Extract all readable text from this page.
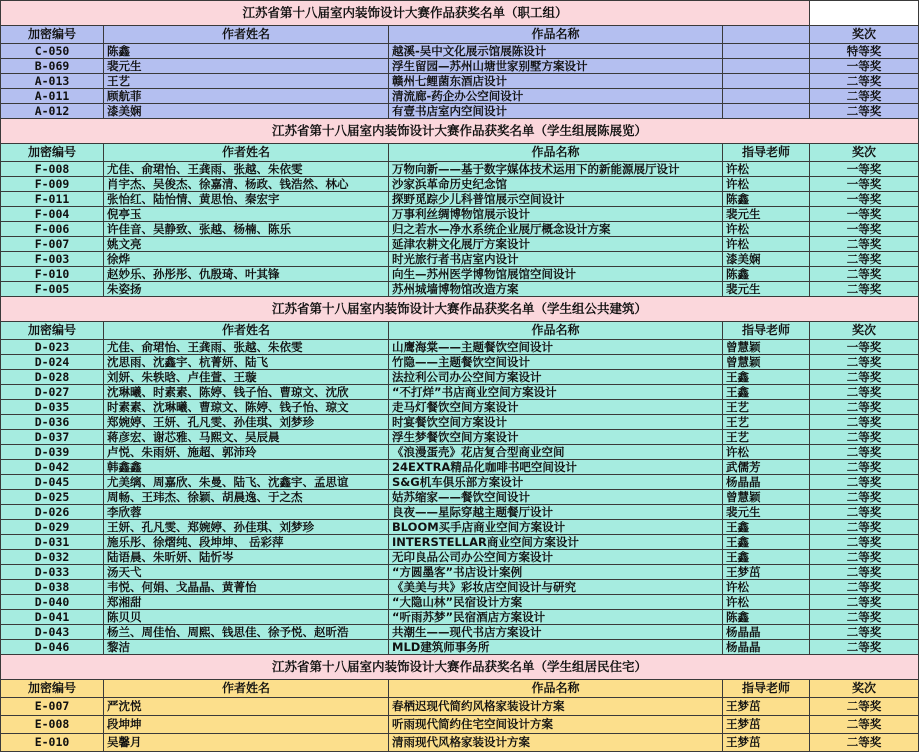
江苏省第十八届室内装饰设计大赛作品获奖名单（职工组）				
加密编号	作者姓名	作品名称		奖次
C-050	陈鑫	越溪-吴中文化展示馆展陈设计		特等奖
B-069	裴元生	浮生留园—苏州山塘世家别墅方案设计		一等奖
A-013	王艺	赣州七鲤菌东酒店设计		二等奖
A-011	顾航菲	清流廊-药企办公空间设计		二等奖
A-012	漆美娴	有壹书店室内空间设计		二等奖
江苏省第十八届室内装饰设计大赛作品获奖名单（学生组展陈展览）				
加密编号	作者姓名	作品名称	指导老师	奖次
F-008	尤佳、俞珺怡、王龚雨、张越、朱依雯	万物向新——基于数字媒体技术运用下的新能源展厅设计	许松	一等奖
F-009	肖宇杰、吴俊杰、徐嘉清、杨政、钱浩然、林心	沙家浜革命历史纪念馆	许松	一等奖
F-011	张怡红、陆怡情、黄思怡、秦宏宇	探野觅踪少儿科普馆展示空间设计	陈鑫	一等奖
F-004	倪亭玉	万事利丝绸博物馆展示设计	裴元生	一等奖
F-006	许佳音、吴静致、张越、杨楠、陈乐	归之若水—净水系统企业展厅概念设计方案	许松	一等奖
F-007	姚文亮	延津农耕文化展厅方案设计	许松	二等奖
F-003	徐烨	时光旅行者书店室内设计	漆美娴	二等奖
F-010	赵妙乐、孙彤彤、仇殷琦、叶其锋	向生—苏州医学博物馆展馆空间设计	陈鑫	二等奖
F-005	朱姿扬	苏州城墙博物馆改造方案	裴元生	二等奖
江苏省第十八届室内装饰设计大赛作品获奖名单（学生组公共建筑）				
加密编号	作者姓名	作品名称	指导老师	奖次
D-023	尤佳、俞珺怡、王龚雨、张越、朱依雯	山鹰海棠——主题餐饮空间设计	曾慧颖	一等奖
D-024	沈思雨、沈鑫宇、杭菁妍、陆飞	竹隐——主题餐饮空间设计	曾慧颖	二等奖
D-028	刘妍、朱轶晗、卢佳萱、王璇	法拉利公司办公空间方案设计	王鑫	二等奖
D-027	沈琳曦、时素素、陈婷、钱子怡、曹琼文、沈欣	“不打烊”书店商业空间方案设计	王鑫	二等奖
D-035	时素素、沈琳曦、曹琼文、陈婷、钱子怡、琼文	走马灯餐饮空间方案设计	王艺	二等奖
D-036	郑婉婷、王妍、孔凡雯、孙佳琪、刘梦珍	时宴餐饮空间方案设计	王艺	二等奖
D-037	蒋彦宏、谢芯雅、马熙文、吴辰晨	浮生梦餐饮空间方案设计	王艺	二等奖
D-039	卢悦、朱雨妍、施超、郭沛玲	《浪漫蛋壳》花店复合型商业空间	许松	二等奖
D-042	韩鑫鑫	24EXTRA精品化咖啡书吧空间设计	武儒芳	二等奖
D-045	尤美缡、周嘉欣、朱曼、陆飞、沈鑫宇、孟思谊	S&G机车俱乐部方案设计	杨晶晶	二等奖
D-025	周畅、王玮杰、徐颖、胡晨逸、于之杰	姑苏缩家——餐饮空间设计	曾慧颖	二等奖
D-026	李欣蓉	良夜——星际穿越主题餐厅设计	裴元生	二等奖
D-029	王妍、孔凡雯、郑婉婷、孙佳琪、刘梦珍	BLOOM买手店商业空间方案设计	王鑫	二等奖
D-031	施乐彤、徐熠纯、段坤坤、 岳彩萍	INTERSTELLAR商业空间方案设计	王鑫	二等奖
D-032	陆语晨、朱昕妍、陆忻岑	无印良品公司办公空间方案设计	王鑫	二等奖
D-033	汤天弋	“方圆墨客”书店设计案例	王梦茁	二等奖
D-038	韦悦、何娟、戈晶晶、黄菁怡	《美美与共》彩妆店空间设计与研究	许松	二等奖
D-040	郑湘甜	“大隐山林”民宿设计方案	许松	二等奖
D-041	陈贝贝	“听雨苏梦”民宿酒店方案设计	陈鑫	二等奖
D-043	杨兰、周佳怡、周熙、钱思佳、徐予悦、赵昕浩	共潮生——现代书店方案设计	杨晶晶	二等奖
D-046	黎洁	MLD建筑师事务所	杨晶晶	二等奖
江苏省第十八届室内装饰设计大赛作品获奖名单（学生组居民住宅）				
加密编号	作者姓名	作品名称	指导老师	奖次
E-007	严沈悦	春栖迟现代简约风格家装设计方案	王梦茁	二等奖
E-008	段坤坤	听雨现代简约住宅空间设计方案	王梦茁	二等奖
E-010	吴馨月	清雨现代风格家装设计方案	王梦茁	二等奖
